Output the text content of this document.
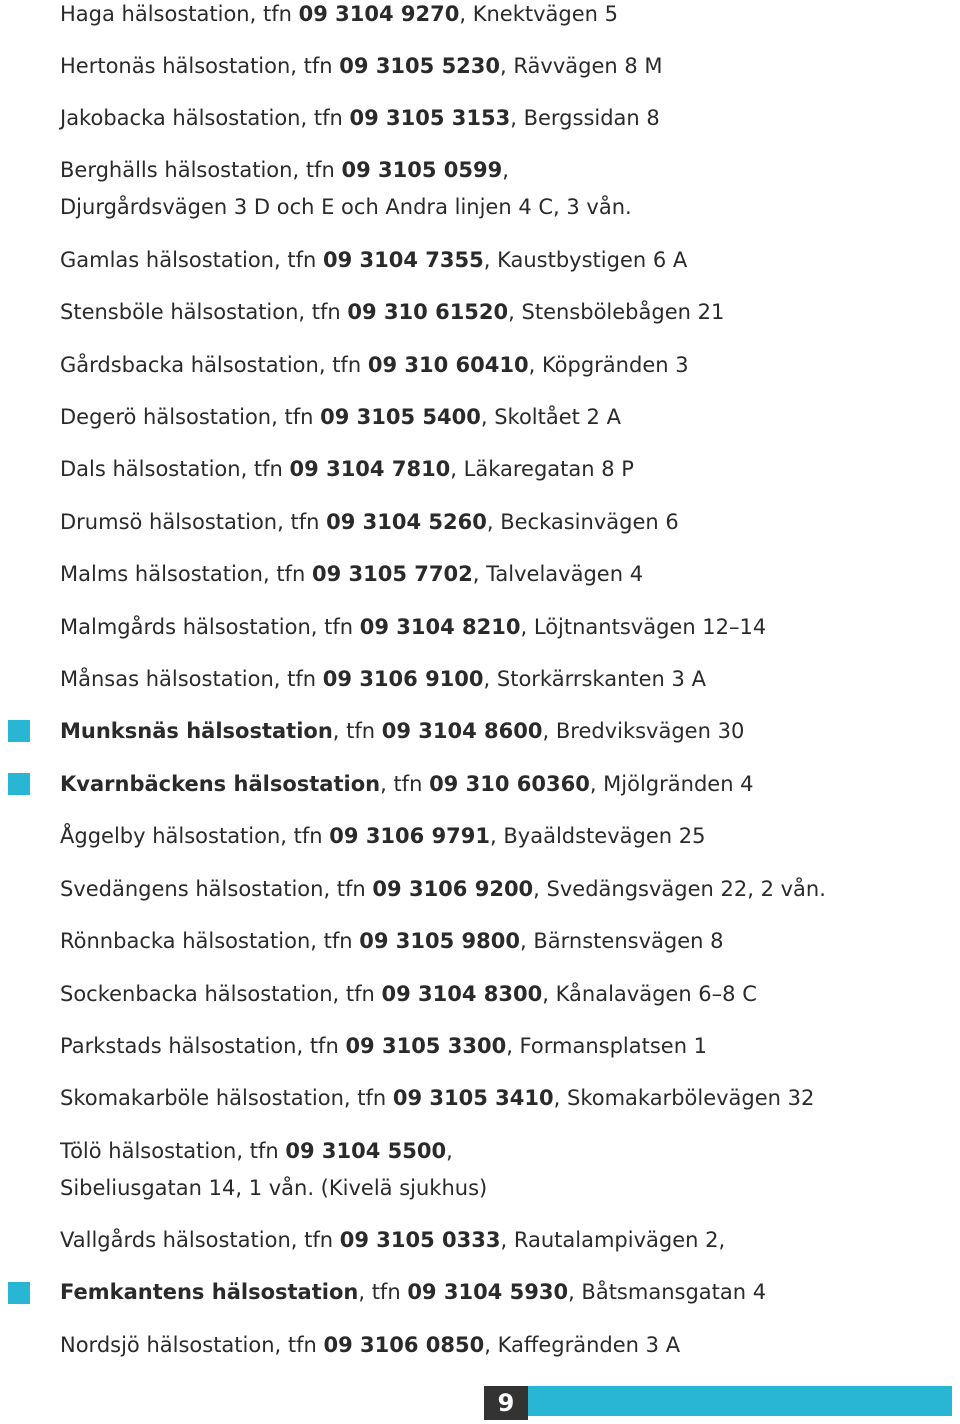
Haga hälsostation, tfn 09 3104 9270, Knektvägen 5
Hertonäs hälsostation, tfn 09 3105 5230, Rävvägen 8 M
Jakobacka hälsostation, tfn 09 3105 3153, Bergssidan 8
Berghälls hälsostation, tfn 09 3105 0599,
Djurgårdsvägen 3 D och E och Andra linjen 4 C, 3 vån.
Gamlas hälsostation, tfn 09 3104 7355, Kaustbystigen 6 A
Stensböle hälsostation, tfn 09 310 61520, Stensbölebågen 21
Gårdsbacka hälsostation, tfn 09 310 60410, Köpgränden 3
Degerö hälsostation, tfn 09 3105 5400, Skoltået 2 A
Dals hälsostation, tfn 09 3104 7810, Läkaregatan 8 P
Drumsö hälsostation, tfn 09 3104 5260, Beckasinvägen 6
Malms hälsostation, tfn 09 3105 7702, Talvelavägen 4
Malmgårds hälsostation, tfn 09 3104 8210, Löjtnantsvägen 12–14
Månsas hälsostation, tfn 09 3106 9100, Storkärrskanten 3 A
Munksnäs hälsostation, tfn 09 3104 8600, Bredviksvägen 30
Kvarnbäckens hälsostation, tfn 09 310 60360, Mjölgränden 4
Åggelby hälsostation, tfn 09 3106 9791, Byaäldstevägen 25
Svedängens hälsostation, tfn 09 3106 9200, Svedängsvägen 22, 2 vån.
Rönnbacka hälsostation, tfn 09 3105 9800, Bärnstensvägen 8
Sockenbacka hälsostation, tfn 09 3104 8300, Kånalavägen 6–8 C
Parkstads hälsostation, tfn 09 3105 3300, Formansplatsen 1
Skomakarböle hälsostation, tfn 09 3105 3410, Skomakarbölevägen 32
Tölö hälsostation, tfn 09 3104 5500,
Sibeliusgatan 14, 1 vån. (Kivelä sjukhus)
Vallgårds hälsostation, tfn 09 3105 0333, Rautalampivägen 2,
Femkantens hälsostation, tfn 09 3104 5930, Båtsmansgatan 4
Nordsjö hälsostation, tfn 09 3106 0850, Kaffegränden 3 A
9
